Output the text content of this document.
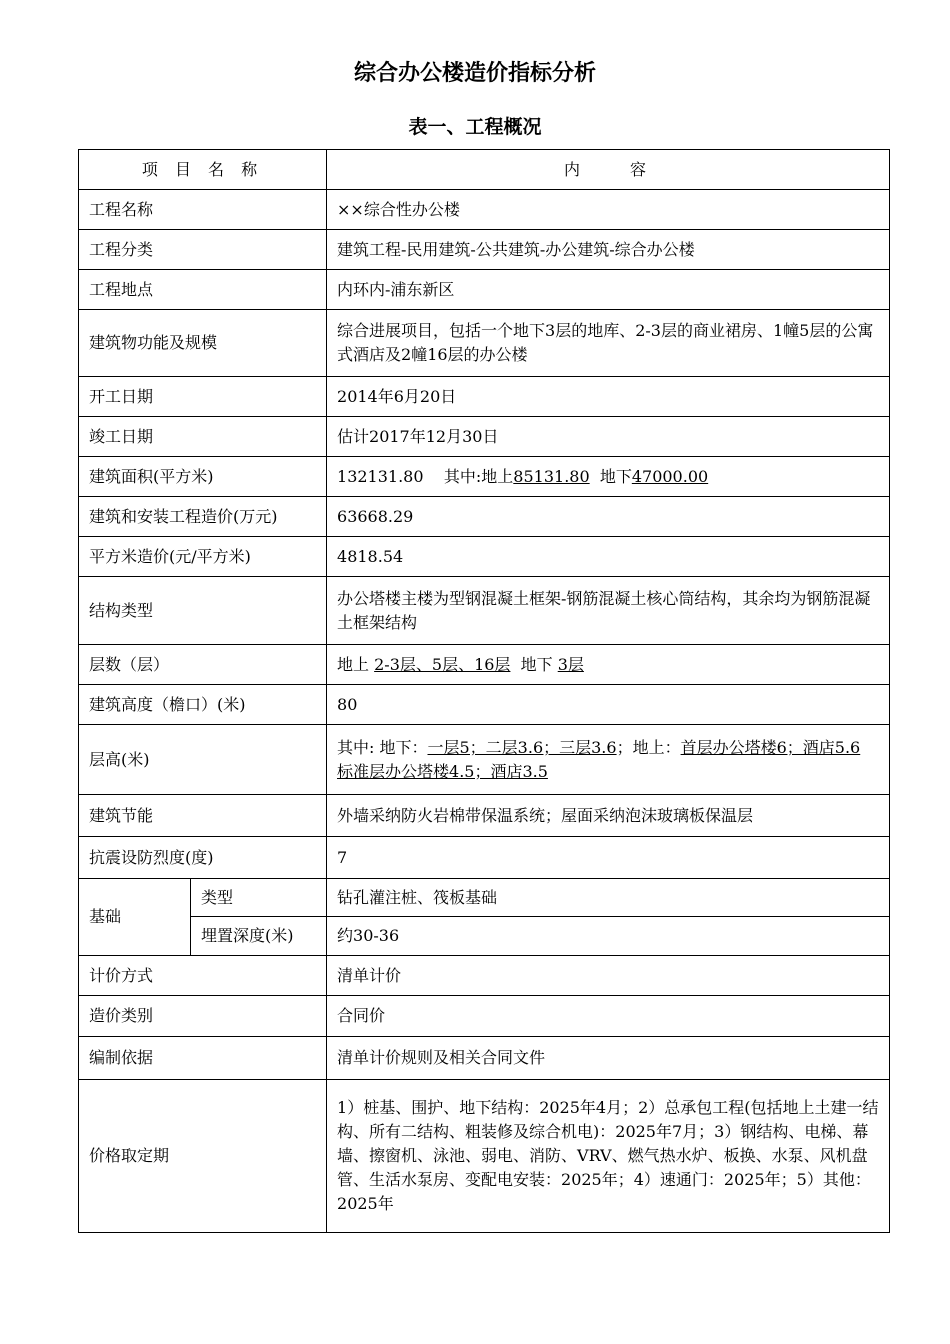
综合办公楼造价指标分析
表一、工程概况
项 目 名 称		内　　容
工程名称		××综合性办公楼
工程分类		建筑工程-民用建筑-公共建筑-办公建筑-综合办公楼
工程地点		内环内-浦东新区
建筑物功能及规模		综合进展项目，包括一个地下3层的地库、2-3层的商业裙房、1幢5层的公寓式酒店及2幢16层的办公楼
开工日期		2014年6月20日
竣工日期		估计2017年12月30日
建筑面积(平方米)		132131.80 其中:地上85131.80 地下47000.00
建筑和安装工程造价(万元)		63668.29
平方米造价(元/平方米)		4818.54
结构类型		办公塔楼主楼为型钢混凝土框架-钢筋混凝土核心筒结构，其余均为钢筋混凝土框架结构
层数（层）		地上 2-3层、5层、16层 地下 3层
建筑高度（檐口）(米)		80
层高(米)		其中: 地下：一层5；二层3.6；三层3.6；地上：首层办公塔楼6；酒店5.6 标准层办公塔楼4.5；酒店3.5
建筑节能		外墙采纳防火岩棉带保温系统；屋面采纳泡沫玻璃板保温层
抗震设防烈度(度)		7
基础	类型	钻孔灌注桩、筏板基础
	埋置深度(米)	约30-36
计价方式		清单计价
造价类别		合同价
编制依据		清单计价规则及相关合同文件
价格取定期		1）桩基、围护、地下结构：2025年4月；2）总承包工程(包括地上土建一结构、所有二结构、粗装修及综合机电)：2025年7月；3）钢结构、电梯、幕墙、擦窗机、泳池、弱电、消防、VRV、燃气热水炉、板换、水泵、风机盘管、生活水泵房、变配电安装：2025年；4）速通门：2025年；5）其他：2025年
